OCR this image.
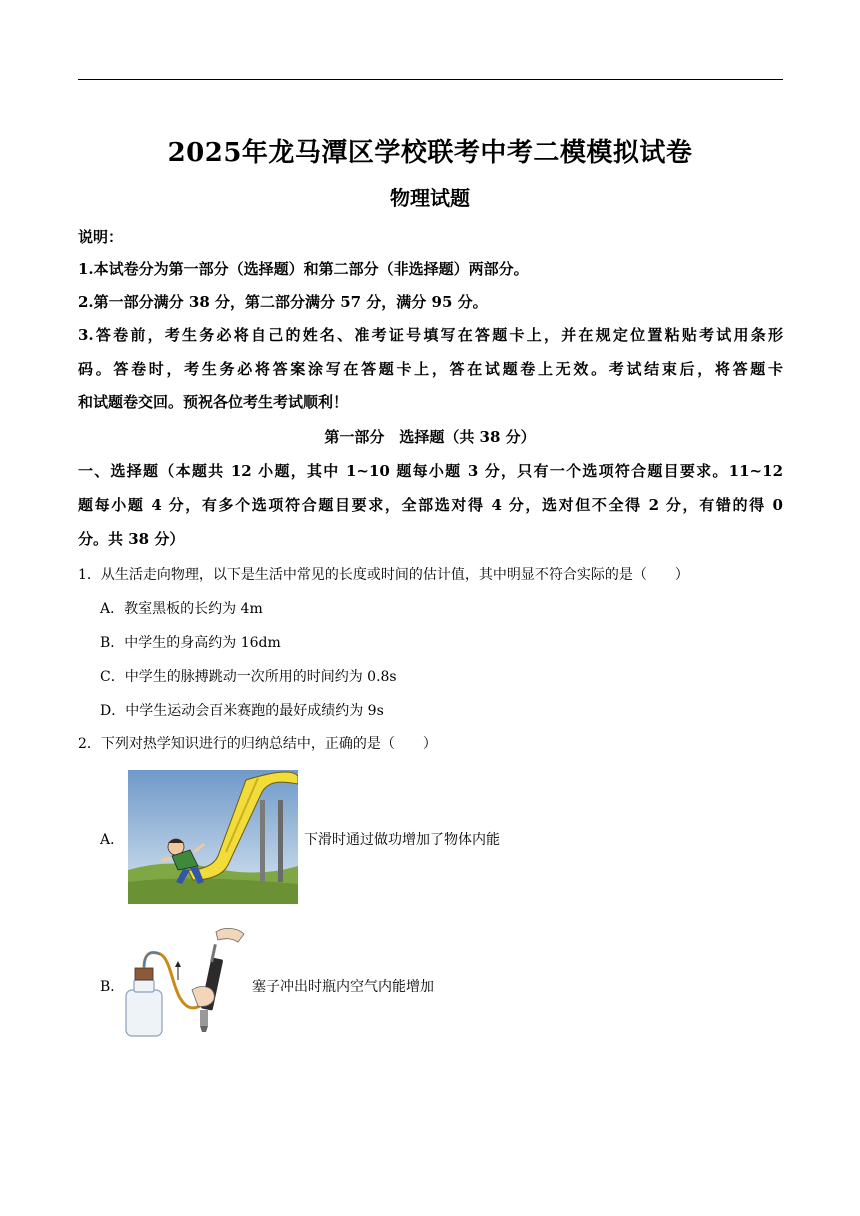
2025年龙马潭区学校联考中考二模模拟试卷
物理试题
说明：
1.本试卷分为第一部分（选择题）和第二部分（非选择题）两部分。
2.第一部分满分 38 分，第二部分满分 57 分，满分 95 分。
3.答卷前，考生务必将自己的姓名、准考证号填写在答题卡上，并在规定位置粘贴考试用条形
码。答卷时，考生务必将答案涂写在答题卡上，答在试题卷上无效。考试结束后，将答题卡
和试题卷交回。预祝各位考生考试顺利！
第一部分　选择题（共 38 分）
一、选择题（本题共 12 小题，其中 1~10 题每小题 3 分，只有一个选项符合题目要求。11~12
题每小题 4 分，有多个选项符合题目要求，全部选对得 4 分，选对但不全得 2 分，有错的得 0
分。共 38 分）
1．从生活走向物理，以下是生活中常见的长度或时间的估计值，其中明显不符合实际的是（　　）
A．教室黑板的长约为 4m
B．中学生的身高约为 16dm
C．中学生的脉搏跳动一次所用的时间约为 0.8s
D．中学生运动会百米赛跑的最好成绩约为 9s
2．下列对热学知识进行的归纳总结中，正确的是（　　）
A．	下滑时通过做功增加了物体内能
B．	塞子冲出时瓶内空气内能增加
